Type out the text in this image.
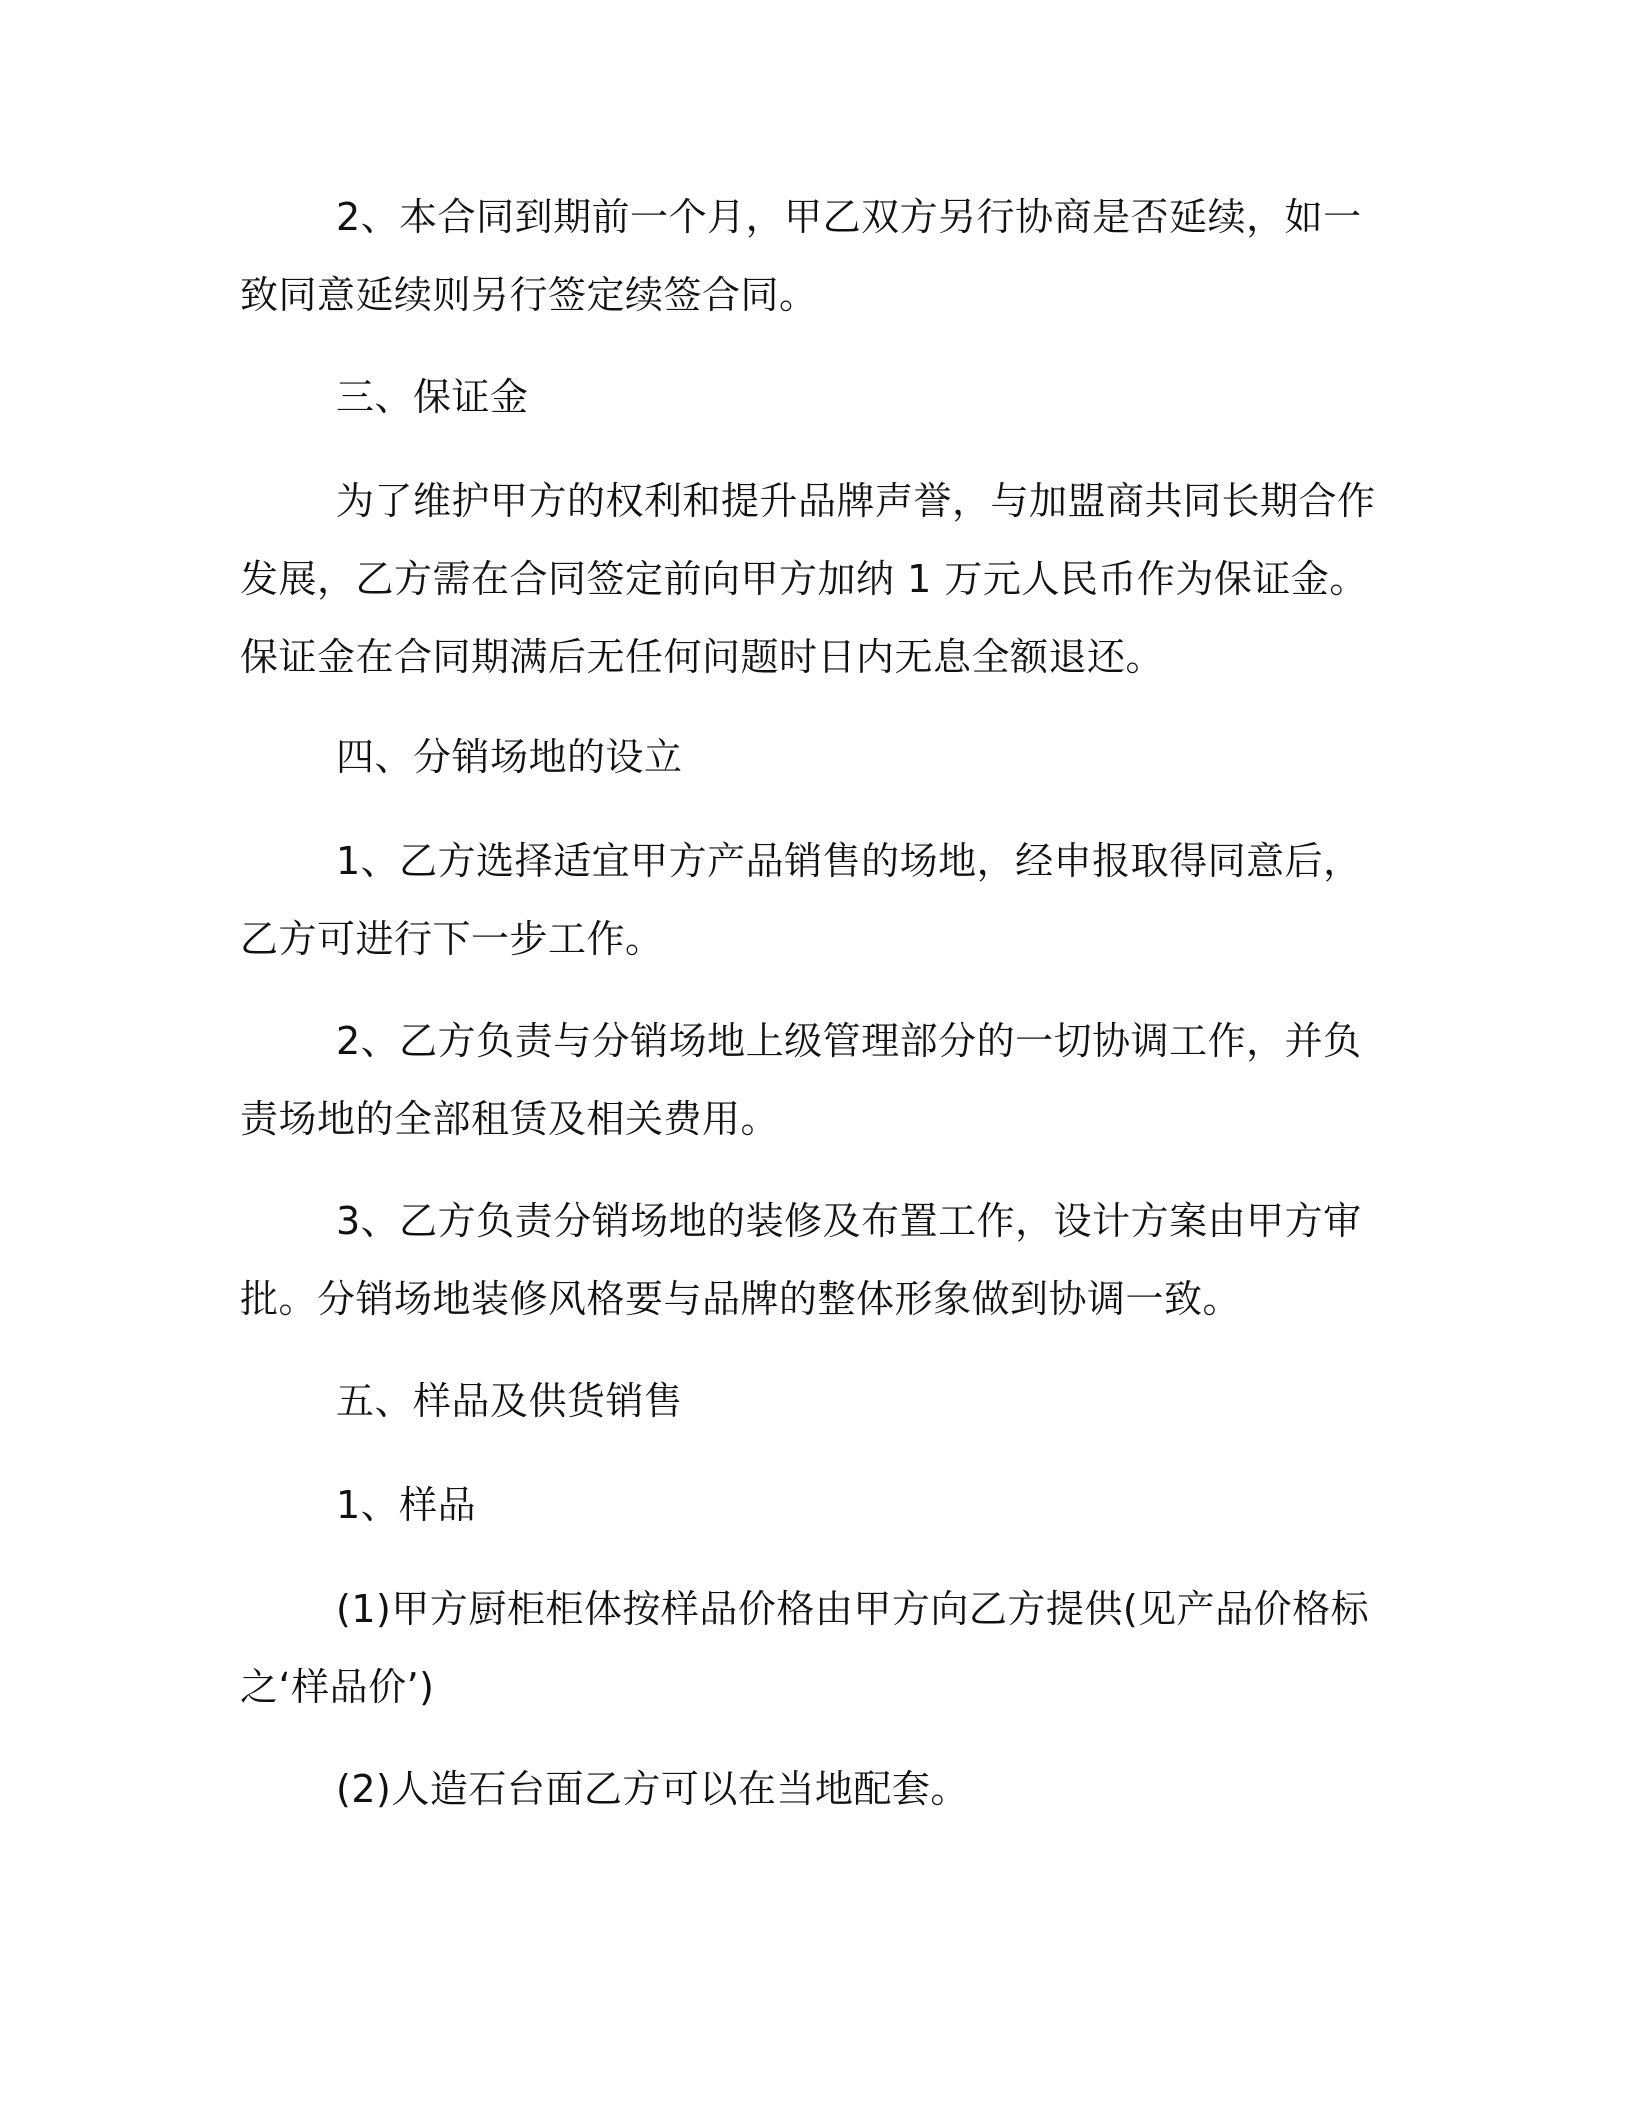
2、本合同到期前一个月，甲乙双方另行协商是否延续，如一致同意延续则另行签定续签合同。

三、保证金

为了维护甲方的权利和提升品牌声誉，与加盟商共同长期合作发展，乙方需在合同签定前向甲方加纳 1 万元人民币作为保证金。保证金在合同期满后无任何问题时日内无息全额退还。

四、分销场地的设立

1、乙方选择适宜甲方产品销售的场地，经申报取得同意后，乙方可进行下一步工作。

2、乙方负责与分销场地上级管理部分的一切协调工作，并负责场地的全部租赁及相关费用。

3、乙方负责分销场地的装修及布置工作，设计方案由甲方审批。分销场地装修风格要与品牌的整体形象做到协调一致。

五、样品及供货销售

1、样品

(1)甲方厨柜柜体按样品价格由甲方向乙方提供(见产品价格标之‘样品价’)

(2)人造石台面乙方可以在当地配套。
